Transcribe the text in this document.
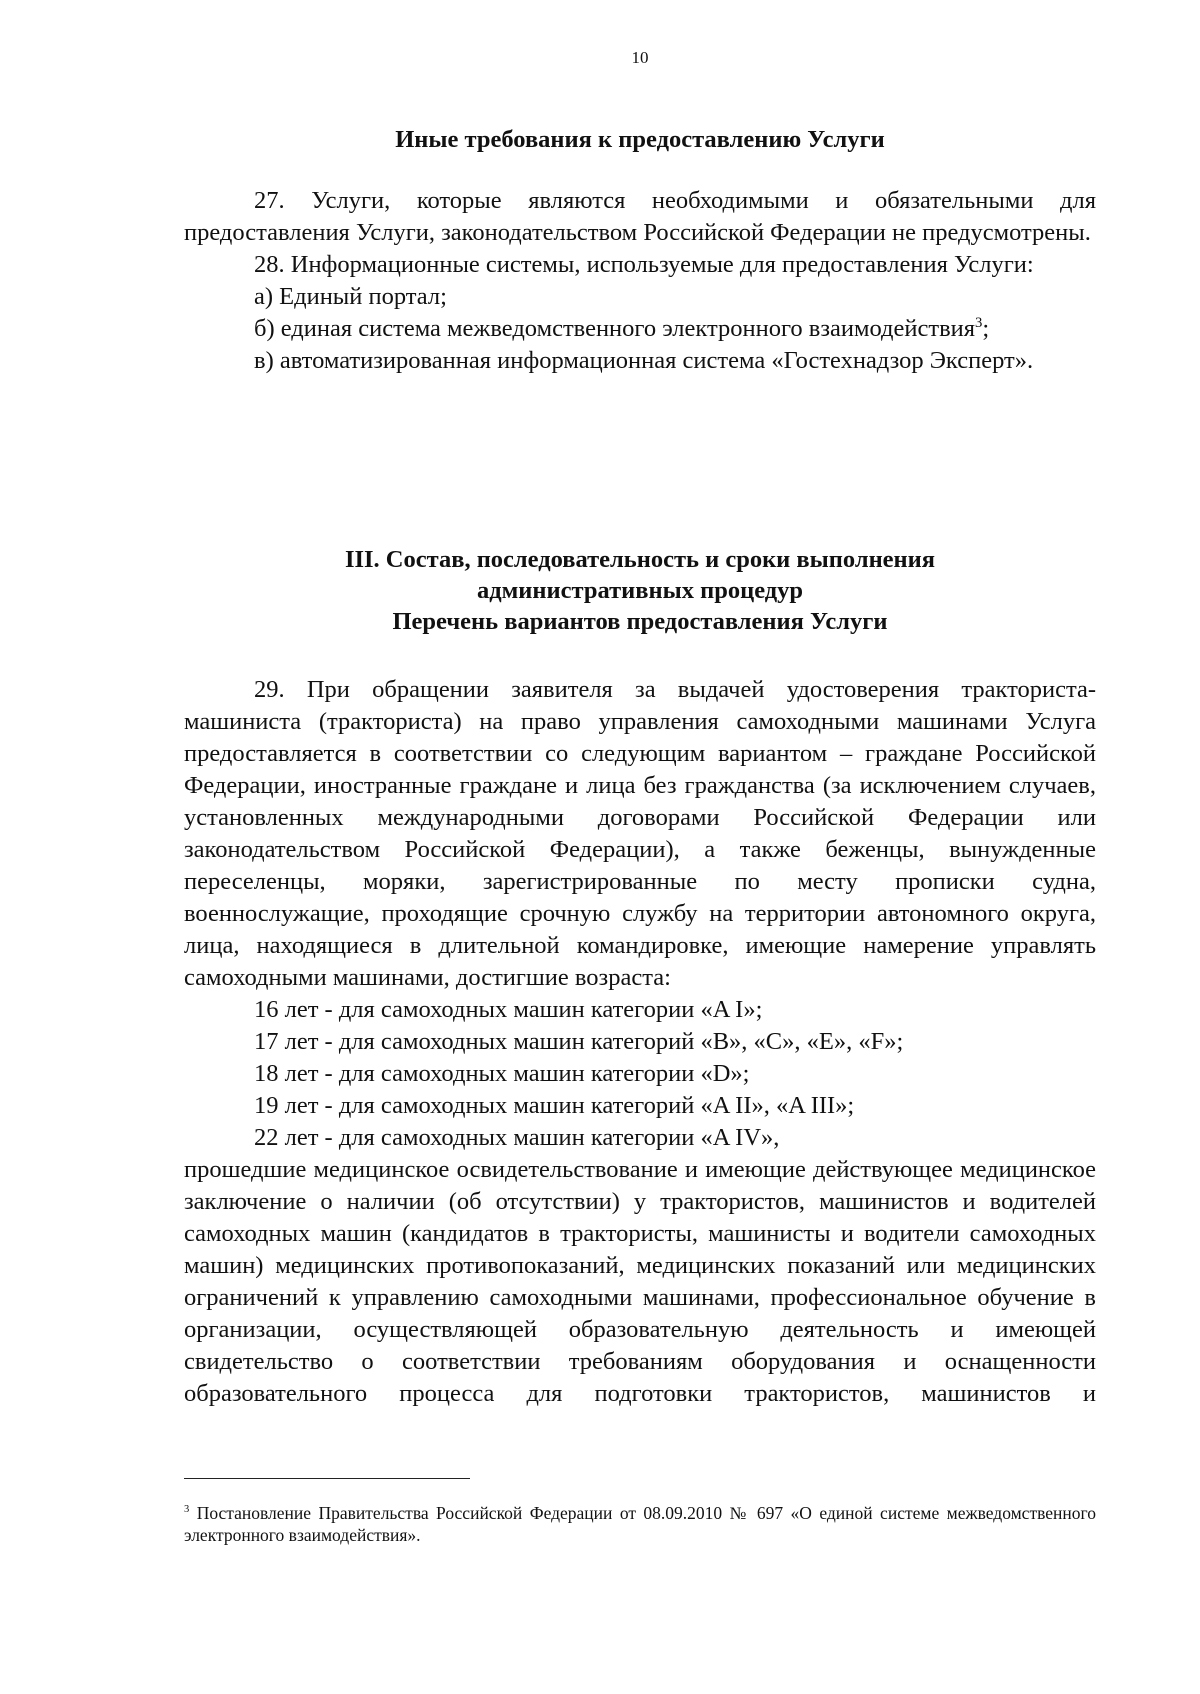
10
Иные требования к предоставлению Услуги

27. Услуги, которые являются необходимыми и обязательными для предоставления Услуги, законодательством Российской Федерации не предусмотрены.

28. Информационные системы, используемые для предоставления Услуги:

а) Единый портал;

б) единая система межведомственного электронного взаимодействия$^3$;

в) автоматизированная информационная система «Гостехнадзор Эксперт».

III. Состав, последовательность и сроки выполнения
административных процедур
Перечень вариантов предоставления Услуги

29. При обращении заявителя за выдачей удостоверения тракториста-машиниста (тракториста) на право управления самоходными машинами Услуга предоставляется в соответствии со следующим вариантом – граждане Российской Федерации, иностранные граждане и лица без гражданства (за исключением случаев, установленных международными договорами Российской Федерации или законодательством Российской Федерации), а также беженцы, вынужденные переселенцы, моряки, зарегистрированные по месту прописки судна, военнослужащие, проходящие срочную службу на территории автономного округа, лица, находящиеся в длительной командировке, имеющие намерение управлять самоходными машинами, достигшие возраста:

16 лет - для самоходных машин категории «A I»;

17 лет - для самоходных машин категорий «B», «C», «E», «F»;

18 лет - для самоходных машин категории «D»;

19 лет - для самоходных машин категорий «A II», «A III»;

22 лет - для самоходных машин категории «A IV»,

прошедшие медицинское освидетельствование и имеющие действующее медицинское заключение о наличии (об отсутствии) у трактористов, машинистов и водителей самоходных машин (кандидатов в трактористы, машинисты и водители самоходных машин) медицинских противопоказаний, медицинских показаний или медицинских ограничений к управлению самоходными машинами, профессиональное обучение в организации, осуществляющей образовательную деятельность и имеющей свидетельство о соответствии требованиям оборудования и оснащенности образовательного процесса для подготовки трактористов, машинистов и

$^3$ Постановление Правительства Российской Федерации от 08.09.2010 № 697 «О единой системе межведомственного электронного взаимодействия».
